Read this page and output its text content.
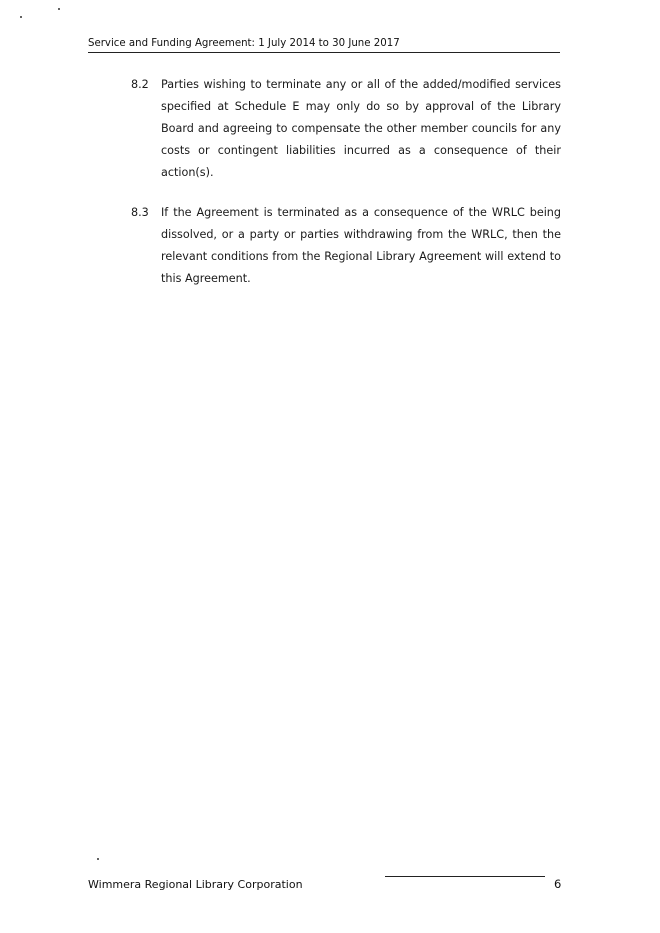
Service and Funding Agreement: 1 July 2014 to 30 June 2017
8.2	Parties wishing to terminate any or all of the added/modified services specified at Schedule E may only do so by approval of the Library Board and agreeing to compensate the other member councils for any costs or contingent liabilities incurred as a consequence of their action(s).
8.3	If the Agreement is terminated as a consequence of the WRLC being dissolved, or a party or parties withdrawing from the WRLC, then the relevant conditions from the Regional Library Agreement will extend to this Agreement.
Wimmera Regional Library Corporation	6
